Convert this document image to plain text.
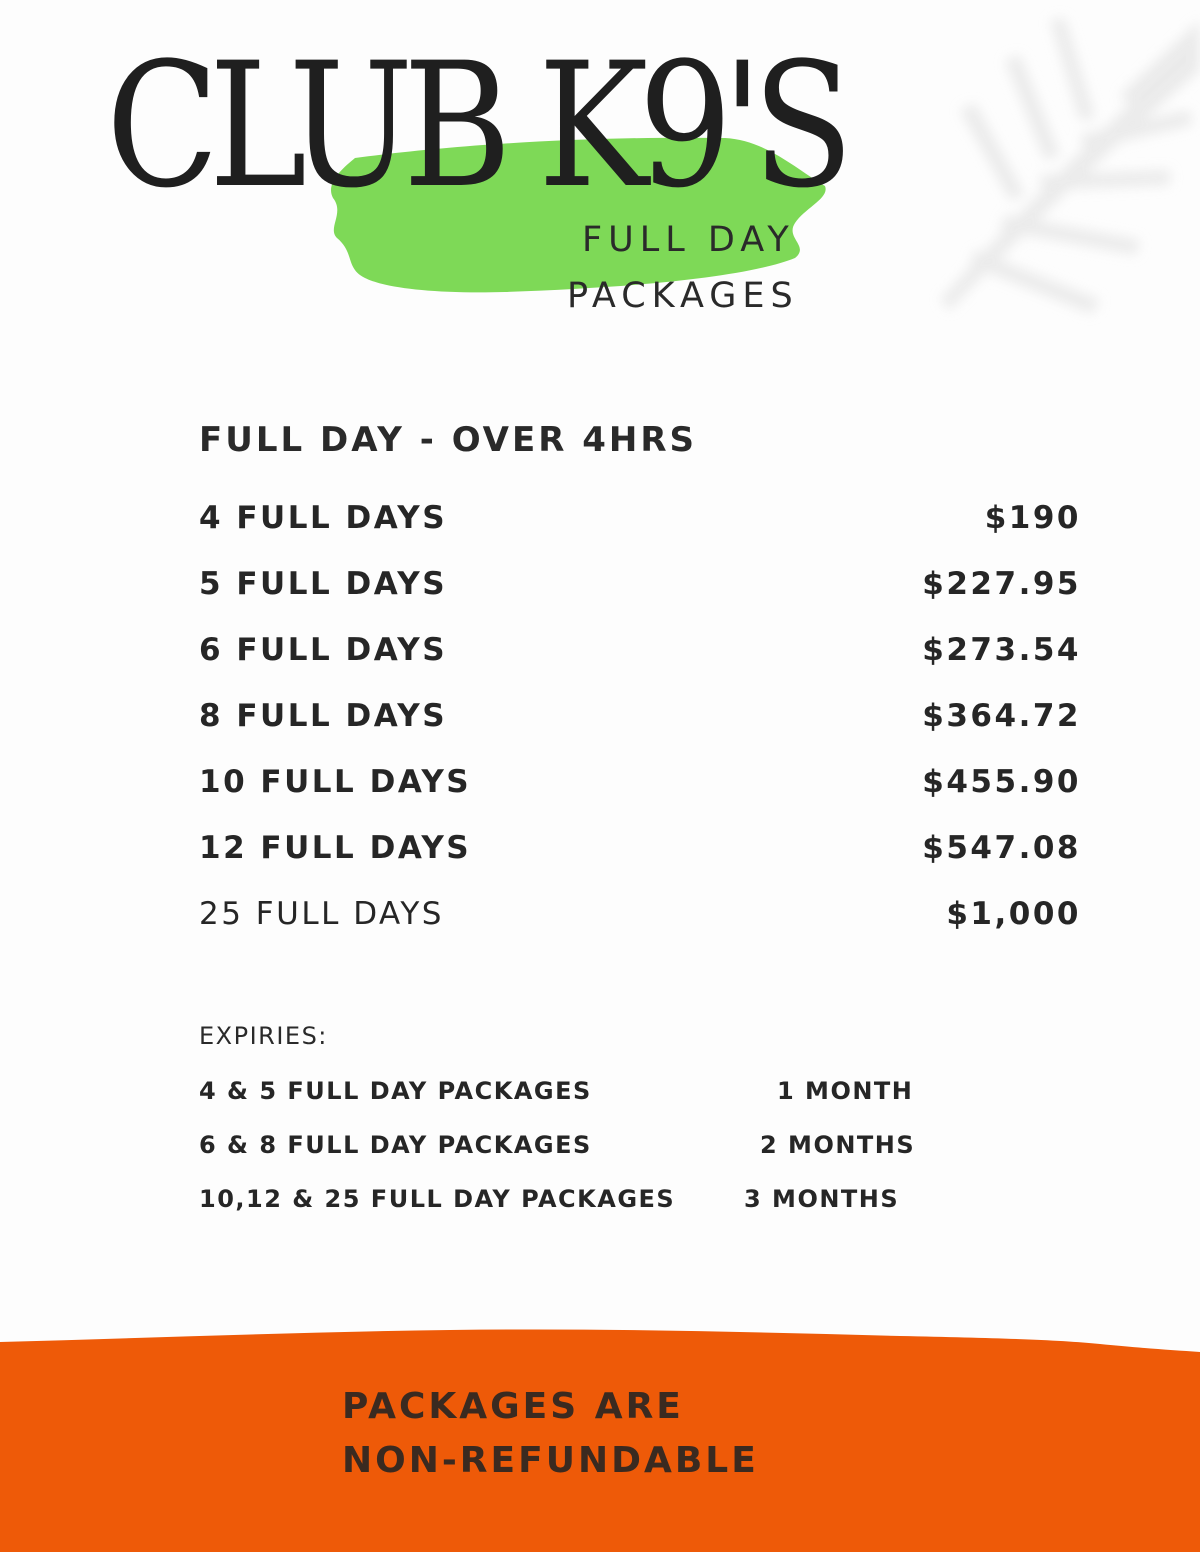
CLUB K9'S
FULL DAY
PACKAGES
FULL DAY - OVER 4HRS
4 FULL DAYS	$190
5 FULL DAYS	$227.95
6 FULL DAYS	$273.54
8 FULL DAYS	$364.72
10 FULL DAYS	$455.90
12 FULL DAYS	$547.08
25 FULL DAYS	$1,000
EXPIRIES:
4 & 5 FULL DAY PACKAGES	1 MONTH
6 & 8 FULL DAY PACKAGES	2 MONTHS
10,12 & 25 FULL DAY PACKAGES	3 MONTHS
PACKAGES ARE NON-REFUNDABLE
